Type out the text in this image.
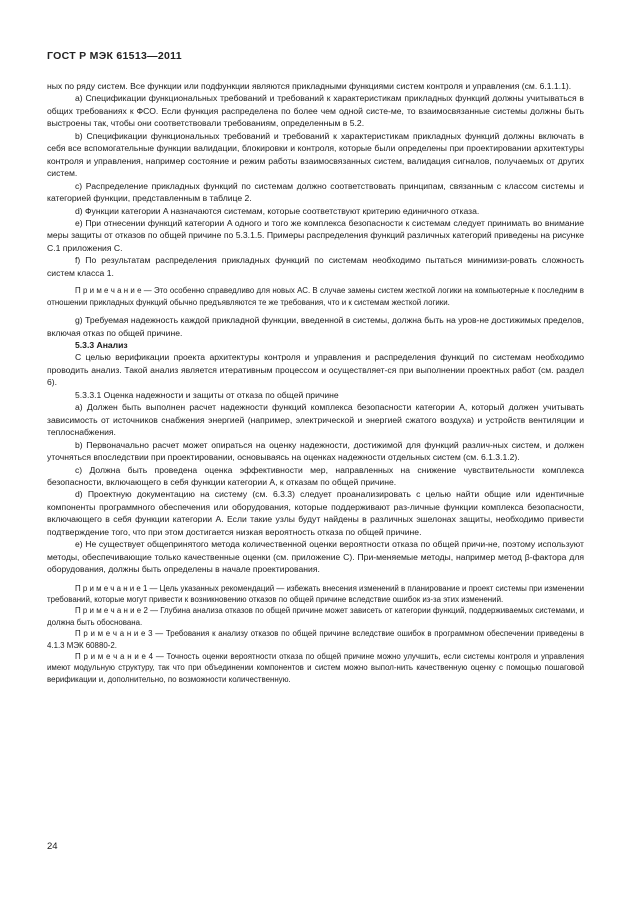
ГОСТ Р МЭК 61513—2011

ных по ряду систем. Все функции или подфункции являются прикладными функциями систем контроля и управления (см. 6.1.1.1).

a) Спецификации функциональных требований и требований к характеристикам прикладных функций должны учитываться в общих требованиях к ФСО. Если функция распределена по более чем одной систе-ме, то взаимосвязанные системы должны быть выстроены так, чтобы они соответствовали требованиям, определенным в 5.2.

b) Спецификации функциональных требований и требований к характеристикам прикладных функций должны включать в себя все вспомогательные функции валидации, блокировки и контроля, которые были определены при проектировании архитектуры контроля и управления, например состояние и режим работы взаимосвязанных систем, валидация сигналов, получаемых от других систем.

c) Распределение прикладных функций по системам должно соответствовать принципам, связанным с классом системы и категорией функции, представленным в таблице 2.

d) Функции категории A назначаются системам, которые соответствуют критерию единичного отказа.

e) При отнесении функций категории A одного и того же комплекса безопасности к системам следует принимать во внимание меры защиты от отказов по общей причине по 5.3.1.5. Примеры распределения функций различных категорий приведены на рисунке C.1 приложения C.

f) По результатам распределения прикладных функций по системам необходимо пытаться минимизи-ровать сложность систем класса 1.

П р и м е ч а н и е — Это особенно справедливо для новых АС. В случае замены систем жесткой логики на компьютерные к последним в отношении прикладных функций обычно предъявляются те же требования, что и к системам жесткой логики.

g) Требуемая надежность каждой прикладной функции, введенной в системы, должна быть на уров-не достижимых пределов, включая отказ по общей причине.

5.3.3 Анализ

С целью верификации проекта архитектуры контроля и управления и распределения функций по системам необходимо проводить анализ. Такой анализ является итеративным процессом и осуществляет-ся при выполнении проектных работ (см. раздел 6).

5.3.3.1 Оценка надежности и защиты от отказа по общей причине

a) Должен быть выполнен расчет надежности функций комплекса безопасности категории A, который должен учитывать зависимость от источников снабжения энергией (например, электрической и энергией сжатого воздуха) и устройств вентиляции и теплоснабжения.

b) Первоначально расчет может опираться на оценку надежности, достижимой для функций различ-ных систем, и должен уточняться впоследствии при проектировании, основываясь на оценках надежности отдельных систем (см. 6.1.3.1.2).

c) Должна быть проведена оценка эффективности мер, направленных на снижение чувствительности комплекса безопасности, включающего в себя функции категории A, к отказам по общей причине.

d) Проектную документацию на систему (см. 6.3.3) следует проанализировать с целью найти общие или идентичные компоненты программного обеспечения или оборудования, которые поддерживают раз-личные функции комплекса безопасности, включающего в себя функции категории A. Если такие узлы будут найдены в различных эшелонах защиты, необходимо привести подтверждение того, что при этом достигается низкая вероятность отказа по общей причине.

e) Не существует общепринятого метода количественной оценки вероятности отказа по общей причи-не, поэтому используют методы, обеспечивающие только качественные оценки (см. приложение C). При-меняемые методы, например метод β-фактора для оборудования, должны быть определены в начале проектирования.

П р и м е ч а н и е 1 — Цель указанных рекомендаций — избежать внесения изменений в планирование и проект системы при изменении требований, которые могут привести к возникновению отказов по общей причине вследствие ошибок из-за этих изменений.

П р и м е ч а н и е 2 — Глубина анализа отказов по общей причине может зависеть от категории функций, поддерживаемых системами, и должна быть обоснована.

П р и м е ч а н и е 3 — Требования к анализу отказов по общей причине вследствие ошибок в программном обеспечении приведены в 4.1.3 МЭК 60880-2.

П р и м е ч а н и е 4 — Точность оценки вероятности отказа по общей причине можно улучшить, если системы контроля и управления имеют модульную структуру, так что при объединении компонентов и систем можно выпол-нить качественную оценку с помощью пошаговой верификации и, дополнительно, по возможности количественную.

24
